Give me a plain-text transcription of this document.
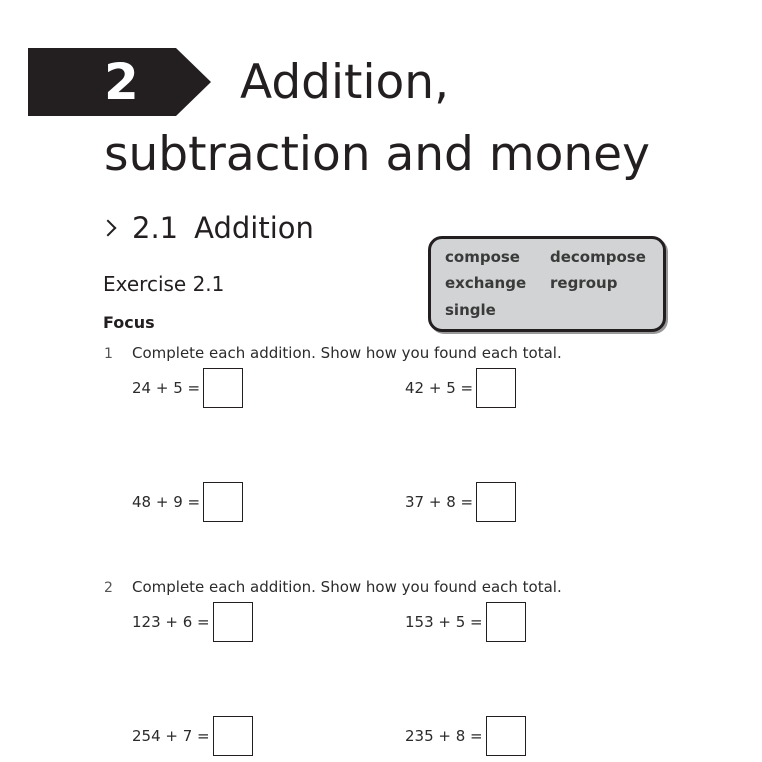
2 Addition,
subtraction and money
2.1 Addition
compose decompose
exchange regroup
single
Exercise 2.1
Focus
1 Complete each addition. Show how you found each total.
24 + 5 =	42 + 5 =
48 + 9 =	37 + 8 =
2 Complete each addition. Show how you found each total.
123 + 6 =	153 + 5 =
254 + 7 =	235 + 8 =
